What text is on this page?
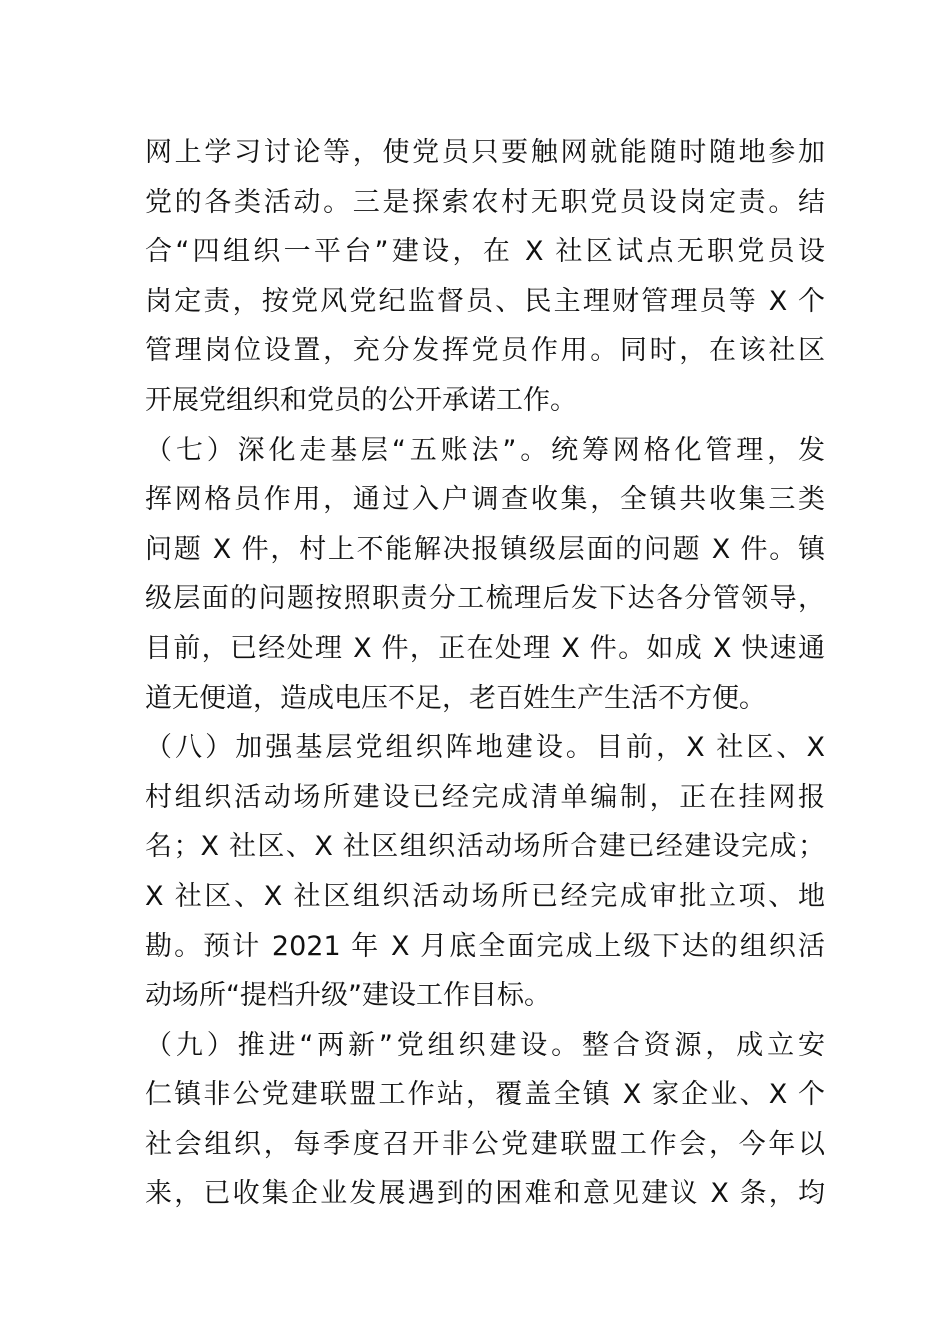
网上学习讨论等，使党员只要触网就能随时随地参加
党的各类活动。三是探索农村无职党员设岗定责。结
合“四组织一平台”建设，在 X 社区试点无职党员设
岗定责，按党风党纪监督员、民主理财管理员等 X 个
管理岗位设置，充分发挥党员作用。同时，在该社区
开展党组织和党员的公开承诺工作。
（七）深化走基层“五账法”。统筹网格化管理，发
挥网格员作用，通过入户调查收集，全镇共收集三类
问题 X 件，村上不能解决报镇级层面的问题 X 件。镇
级层面的问题按照职责分工梳理后发下达各分管领导，
目前，已经处理 X 件，正在处理 X 件。如成 X 快速通
道无便道，造成电压不足，老百姓生产生活不方便。
（八）加强基层党组织阵地建设。目前，X 社区、X
村组织活动场所建设已经完成清单编制，正在挂网报
名；X 社区、X 社区组织活动场所合建已经建设完成；
X 社区、X 社区组织活动场所已经完成审批立项、地
勘。预计 2021 年 X 月底全面完成上级下达的组织活
动场所“提档升级”建设工作目标。
（九）推进“两新”党组织建设。整合资源，成立安
仁镇非公党建联盟工作站，覆盖全镇 X 家企业、X 个
社会组织，每季度召开非公党建联盟工作会，今年以
来，已收集企业发展遇到的困难和意见建议 X 条，均
